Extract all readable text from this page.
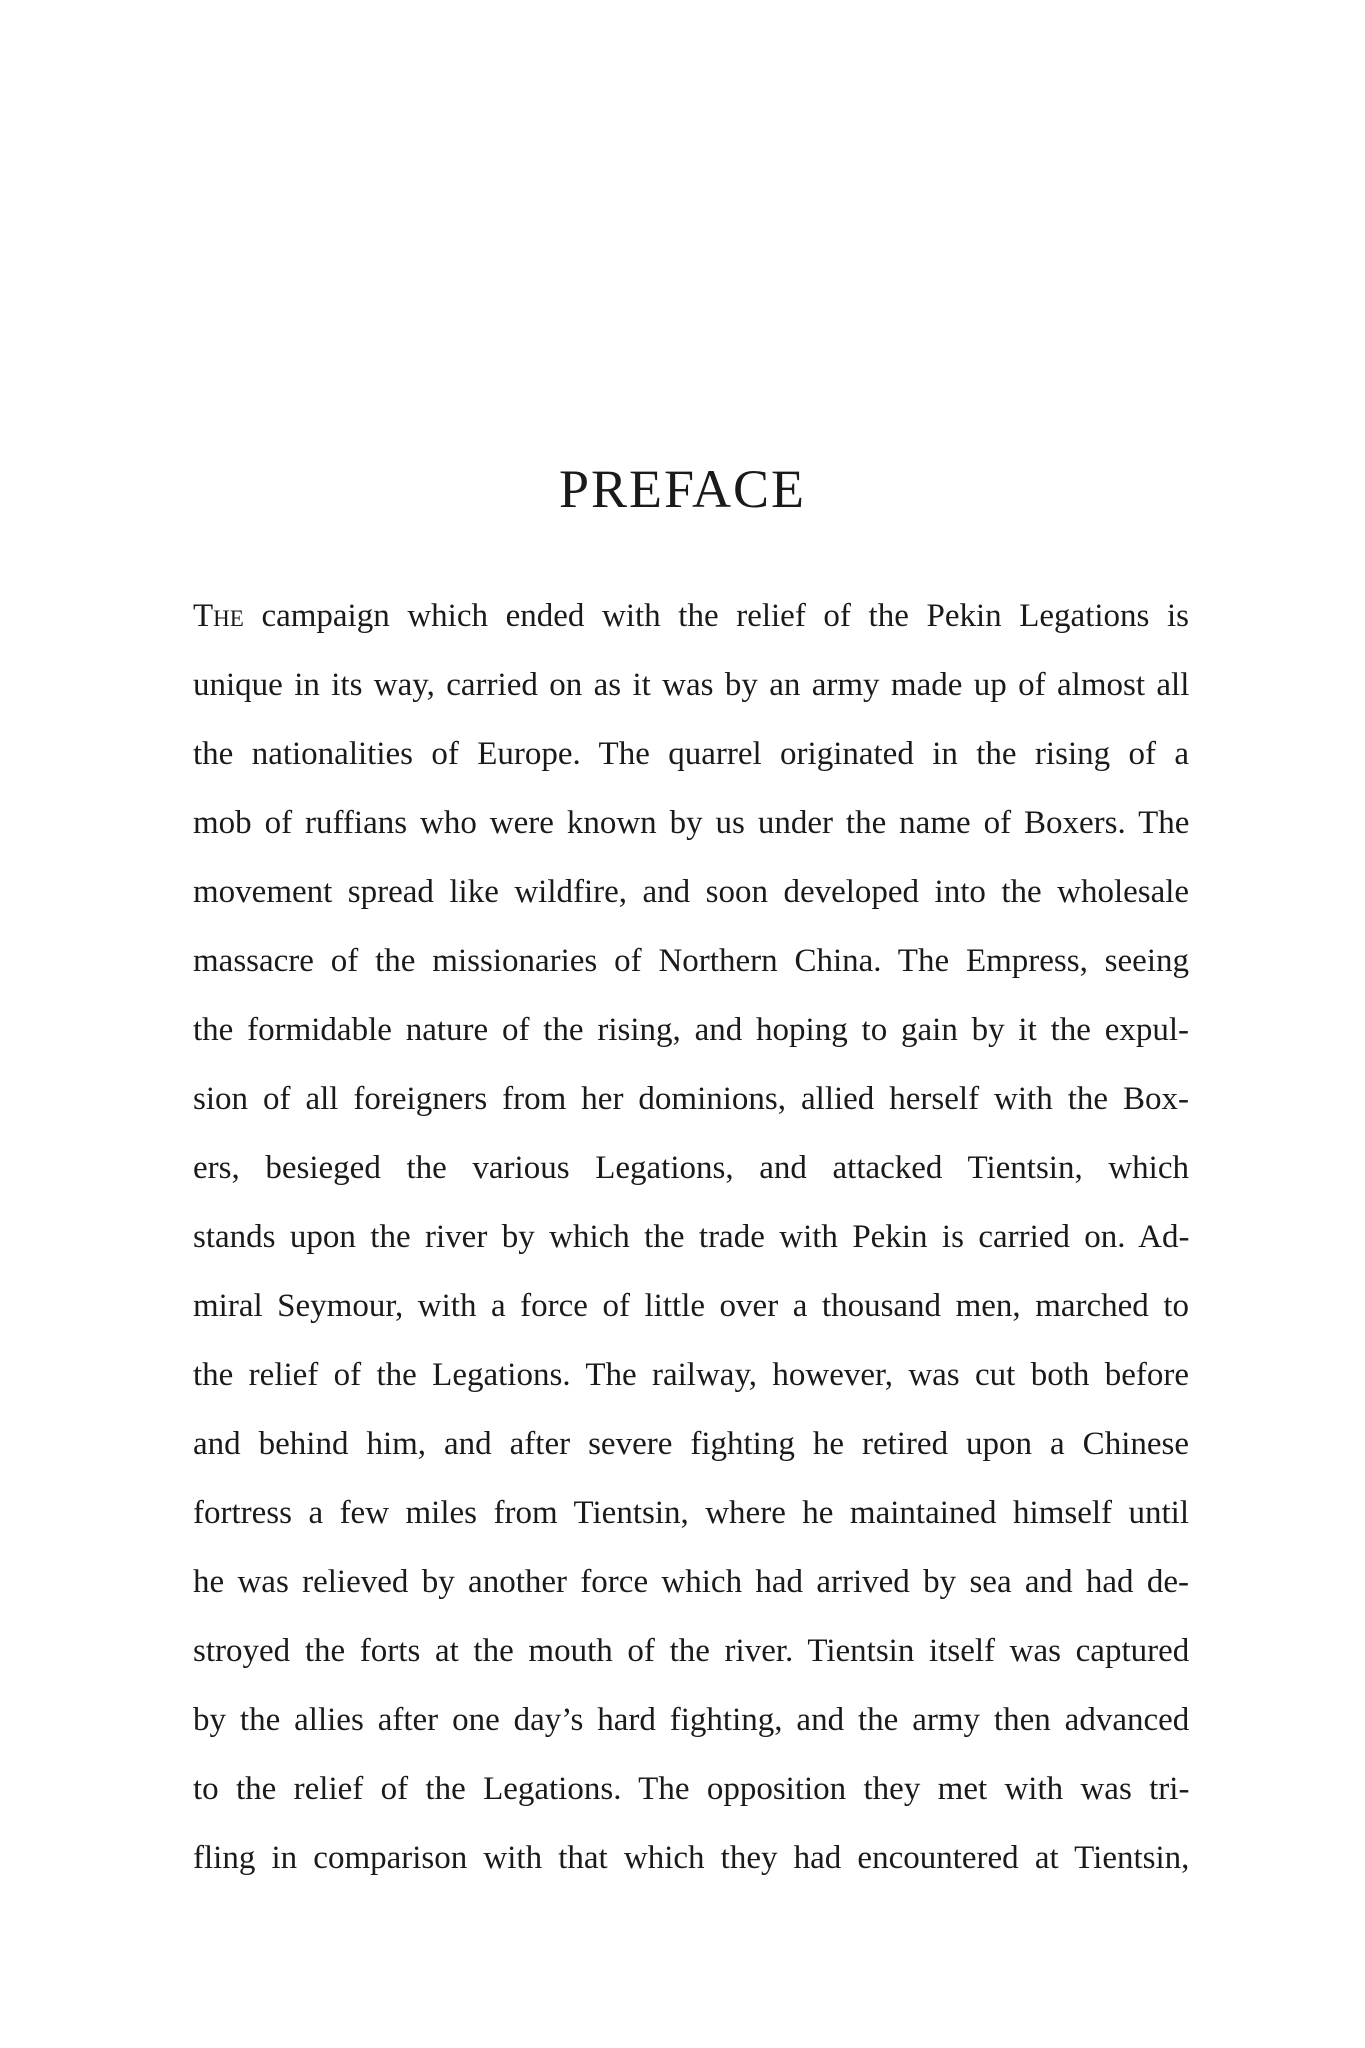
PREFACE
The campaign which ended with the relief of the Pekin Legations is
unique in its way, carried on as it was by an army made up of almost all
the nationalities of Europe. The quarrel originated in the rising of a
mob of ruffians who were known by us under the name of Boxers. The
movement spread like wildfire, and soon developed into the wholesale
massacre of the missionaries of Northern China. The Empress, seeing
the formidable nature of the rising, and hoping to gain by it the expul-
sion of all foreigners from her dominions, allied herself with the Box-
ers, besieged the various Legations, and attacked Tientsin, which
stands upon the river by which the trade with Pekin is carried on. Ad-
miral Seymour, with a force of little over a thousand men, marched to
the relief of the Legations. The railway, however, was cut both before
and behind him, and after severe fighting he retired upon a Chinese
fortress a few miles from Tientsin, where he maintained himself until
he was relieved by another force which had arrived by sea and had de-
stroyed the forts at the mouth of the river. Tientsin itself was captured
by the allies after one day’s hard fighting, and the army then advanced
to the relief of the Legations. The opposition they met with was tri-
fling in comparison with that which they had encountered at Tientsin,
